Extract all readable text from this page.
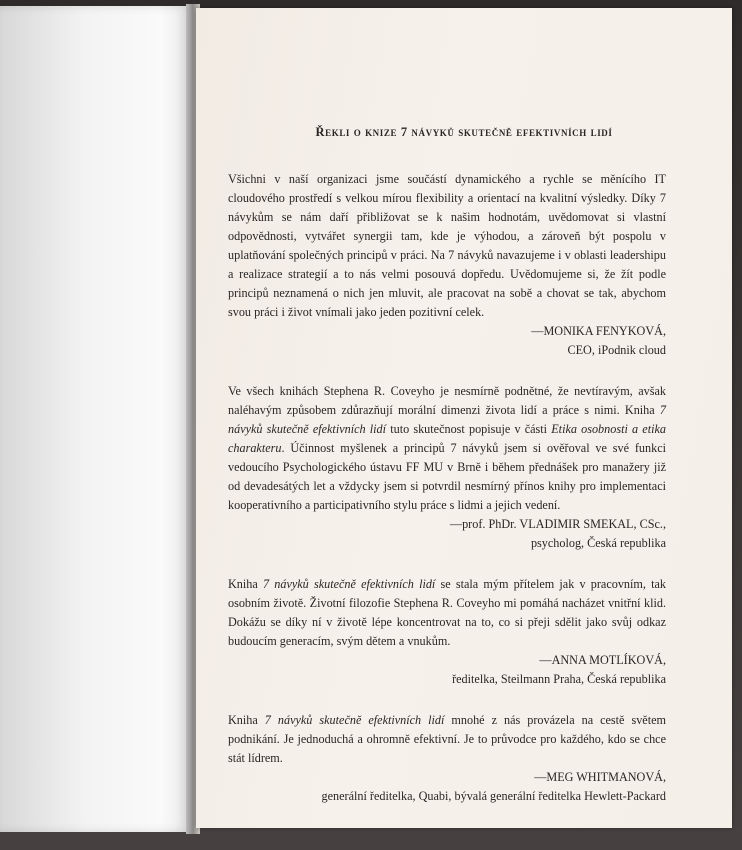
Řekli o knize 7 návyků skutečně efektivních lidí

Všichni v naší organizaci jsme součástí dynamického a rychle se měnícího IT cloudového prostředí s velkou mírou flexibility a orientací na kvalitní výsledky. Díky 7 návykům se nám daří přibližovat se k našim hodnotám, uvědomovat si vlastní odpovědnosti, vytvářet synergii tam, kde je výhodou, a zároveň být pospolu v uplatňování společných principů v práci. Na 7 návyků navazujeme i v oblasti leadershipu a realizace strategií a to nás velmi posouvá dopředu. Uvědomujeme si, že žít podle principů neznamená o nich jen mluvit, ale pracovat na sobě a chovat se tak, abychom svou práci i život vnímali jako jeden pozitivní celek.

—MONIKA FENYKOVÁ,

CEO, iPodnik cloud

Ve všech knihách Stephena R. Coveyho je nesmírně podnětné, že nevtíravým, avšak naléhavým způsobem zdůrazňují morální dimenzi života lidí a práce s nimi. Kniha 7 návyků skutečně efektivních lidí tuto skutečnost popisuje v části Etika osobnosti a etika charakteru. Účinnost myšlenek a principů 7 návyků jsem si ověřoval ve své funkci vedoucího Psychologického ústavu FF MU v Brně i během přednášek pro manažery již od devadesátých let a vždycky jsem si potvrdil nesmírný přínos knihy pro implementaci kooperativního a participativního stylu práce s lidmi a jejich vedení.

—prof. PhDr. VLADIMIR SMEKAL, CSc.,

psycholog, Česká republika

Kniha 7 návyků skutečně efektivních lidí se stala mým přítelem jak v pracovním, tak osobním životě. Životní filozofie Stephena R. Coveyho mi pomáhá nacházet vnitřní klid. Dokážu se díky ní v životě lépe koncentrovat na to, co si přeji sdělit jako svůj odkaz budoucím generacím, svým dětem a vnukům.

—ANNA MOTLÍKOVÁ,

ředitelka, Steilmann Praha, Česká republika

Kniha 7 návyků skutečně efektivních lidí mnohé z nás provázela na cestě světem podnikání. Je jednoduchá a ohromně efektivní. Je to průvodce pro každého, kdo se chce stát lídrem.

—MEG WHITMANOVÁ,

generální ředitelka, Quabi, bývalá generální ředitelka Hewlett-Packard
